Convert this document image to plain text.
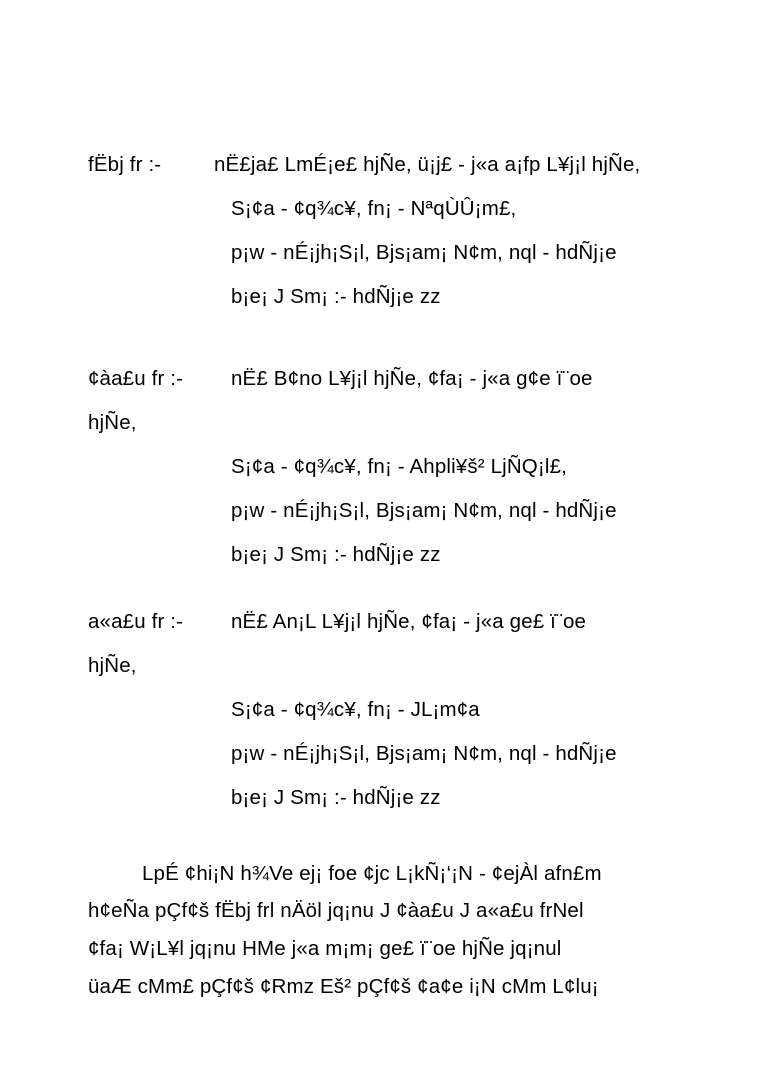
fËbj fr :-	nË£ja£ LmÉ¡e£ hjÑe, ü¡j£ - j«a a¡fp L¥j¡l hjÑe,
S¡¢a - ¢q¾c¥, fn¡ - NªqÙÛ¡m£,
p¡w - nÉ¡jh¡S¡l, Bjs¡am¡ N¢m, nql - hdÑj¡e
b¡e¡ J Sm¡ :- hdÑj¡e zz
¢àa£u fr :- nË£ B¢no L¥j¡l hjÑe, ¢fa¡ - j«a g¢e ï¨oe
hjÑe,
S¡¢a - ¢q¾c¥, fn¡ - Ahpli¥š² LjÑQ¡l£,
p¡w - nÉ¡jh¡S¡l, Bjs¡am¡ N¢m, nql - hdÑj¡e
b¡e¡ J Sm¡ :- hdÑj¡e zz
a«a£u fr :- nË£ An¡L L¥j¡l hjÑe, ¢fa¡ - j«a ge£ ï¨oe
hjÑe,
S¡¢a - ¢q¾c¥, fn¡ - JL¡m¢a
p¡w - nÉ¡jh¡S¡l, Bjs¡am¡ N¢m, nql - hdÑj¡e
b¡e¡ J Sm¡ :- hdÑj¡e zz
LpÉ ¢hi¡N h¾Ve ej¡ foe ¢jc L¡kÑ¡‘¡N - ¢ejÀl afn£m
h¢eÑa pÇf¢š fËbj frl nÄöl jq¡nu J ¢àa£u J a«a£u frNel
¢fa¡ W¡L¥l jq¡nu HMe j«a m¡m¡ ge£ ï¨oe hjÑe jq¡nul
üaÆ cMm£ pÇf¢š ¢Rmz Eš² pÇf¢š ¢a¢e i¡N cMm L¢lu¡
